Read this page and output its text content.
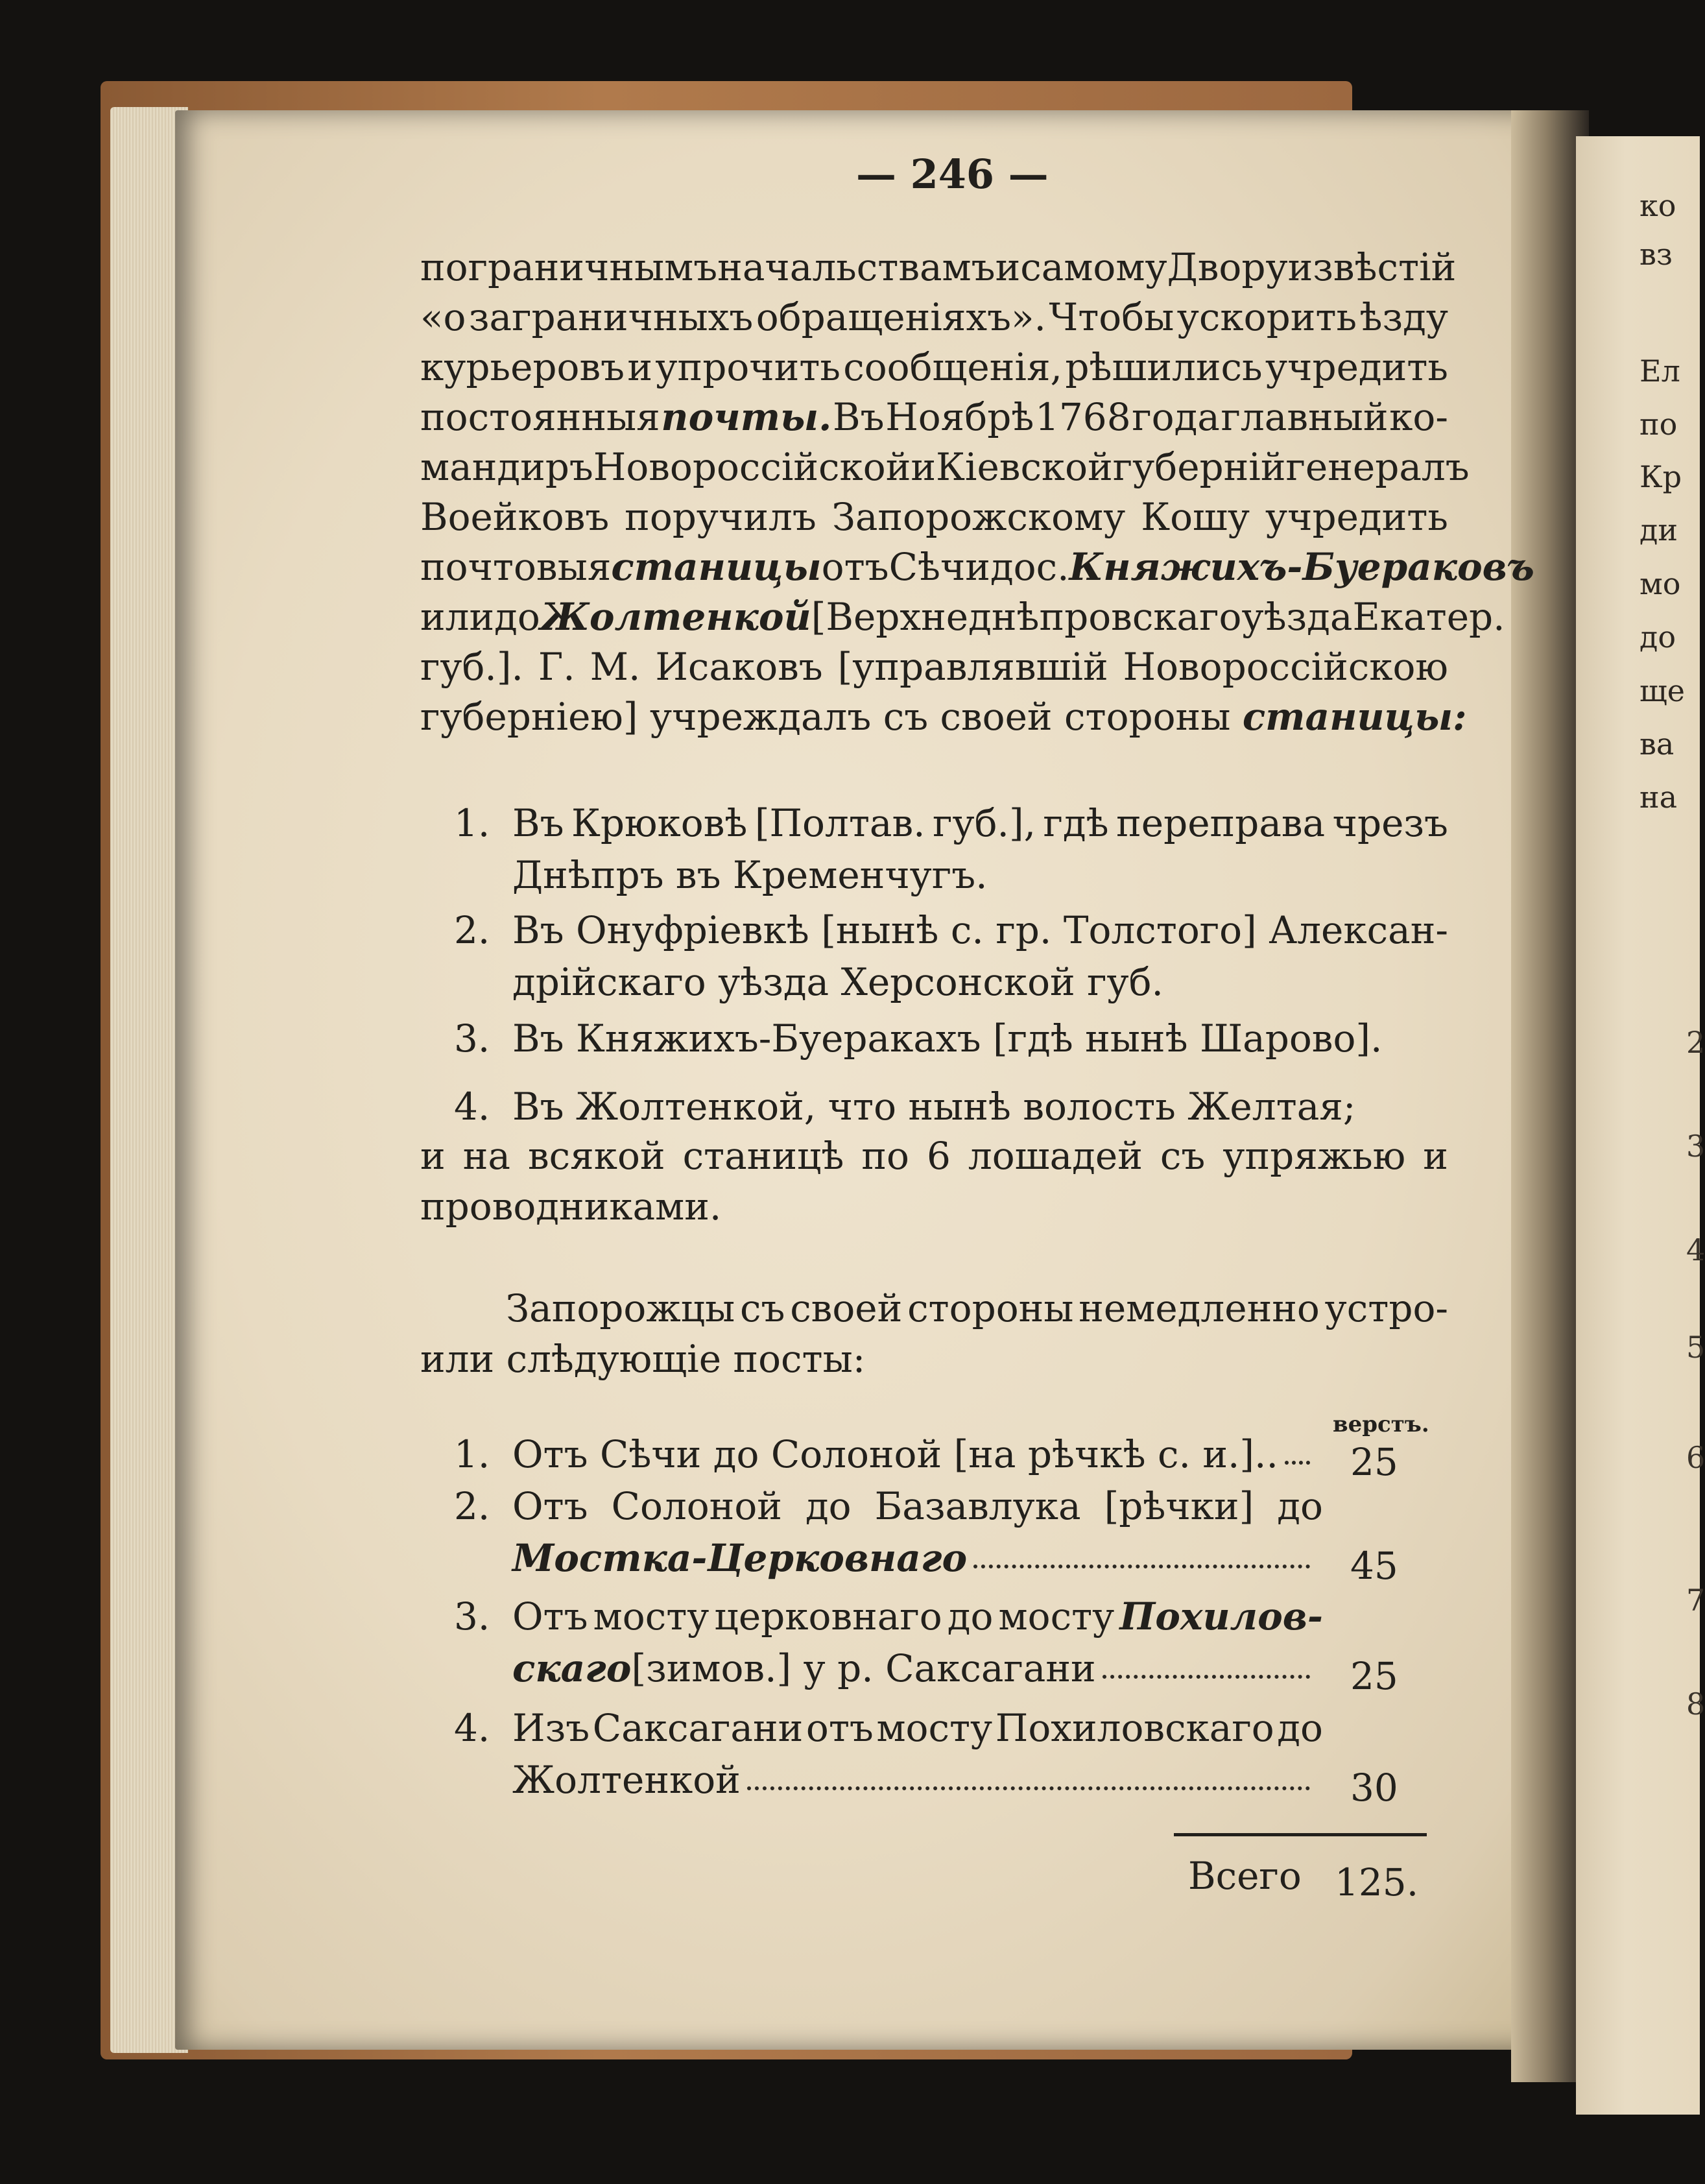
ко
вз
Ел
по
Кр
ди
мо
до
ще
ва
на
2
3
4
5
6
7
8
— 246 —
пограничнымъ начальствамъ и самому Двору извѣстій
«о заграничныхъ обращеніяхъ». Чтобы ускорить ѣзду
курьеровъ и упрочить сообщенія, рѣшились учредить
постоянныя почты. Въ Ноябрѣ 1768 года главный ко-
мандиръ Новороссійской и Кіевской губерній генералъ
Воейковъ поручилъ Запорожскому Кошу учредить
почтовыя станицы отъ Сѣчи до с. Княжихъ-Буераковъ
или до Жолтенкой [Верхнеднѣпровскаго уѣзда Екатер.
губ.]. Г. М. Исаковъ [управлявшій Новороссійскою
губерніею] учреждалъ съ своей стороны станицы:
1. Въ Крюковѣ [Полтав. губ.], гдѣ переправа чрезъ
Днѣпръ въ Кременчугъ.
2. Въ Онуфріевкѣ [нынѣ с. гр. Толстого] Алексан-
дрійскаго уѣзда Херсонской губ.
3. Въ Княжихъ-Буеракахъ [гдѣ нынѣ Шарово].
4. Въ Жолтенкой, что нынѣ волость Желтая;
и на всякой станицѣ по 6 лошадей съ упряжью и
проводниками.
Запорожцы съ своей стороны немедленно устро-
или слѣдующіе посты:
верстъ.
1. Отъ Сѣчи до Солоной [на рѣчкѣ с. и.].. 25
2. Отъ Солоной до Базавлука [рѣчки] до
Мостка-Церковнаго	45
3. Отъ мосту церковнаго до мосту Похилов-
скаго [зимов.] у р. Саксагани	25
4. Изъ Саксагани отъ мосту Похиловскаго до
Жолтенкой	30
Всего 125.
